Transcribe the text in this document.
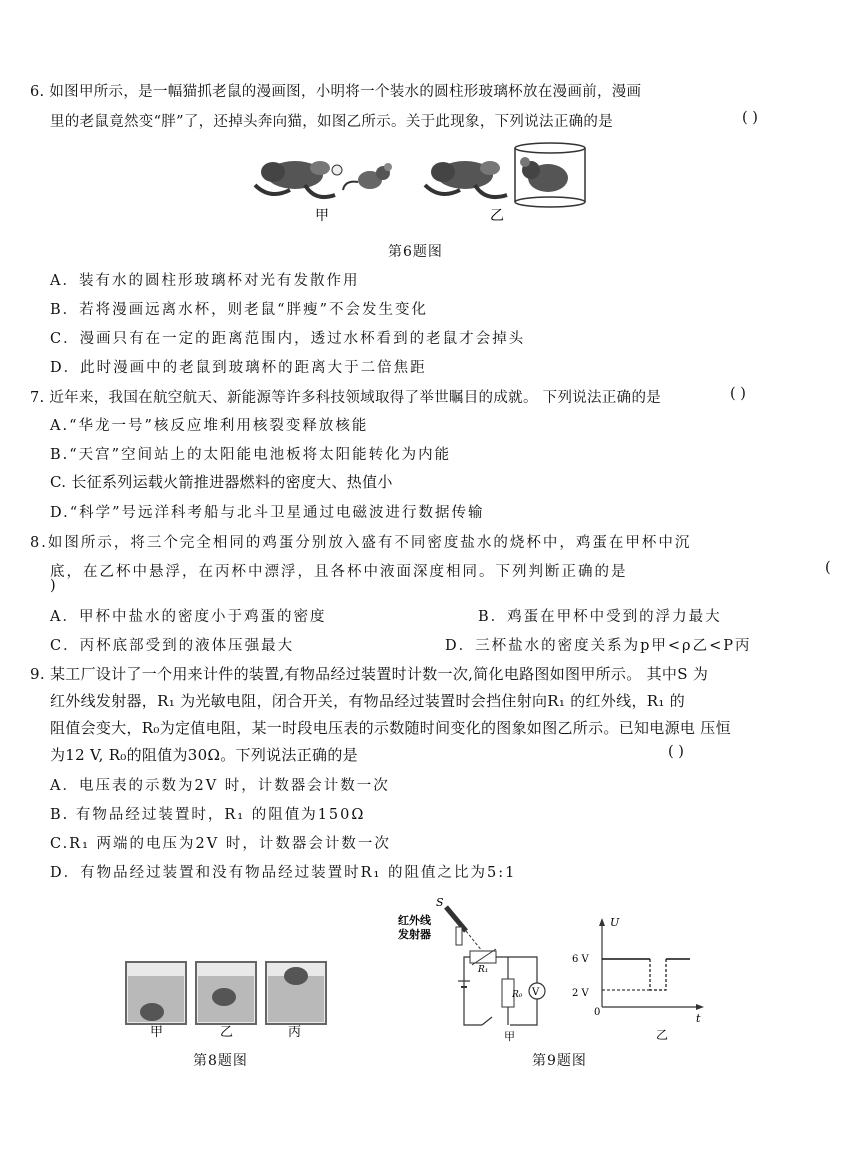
6. 如图甲所示，是一幅猫抓老鼠的漫画图，小明将一个装水的圆柱形玻璃杯放在漫画前，漫画
里的老鼠竟然变“胖”了，还掉头奔向猫，如图乙所示。关于此现象，下列说法正确的是	( )
甲	乙
第6题图
A．装有水的圆柱形玻璃杯对光有发散作用
B．若将漫画远离水杯，则老鼠“胖瘦”不会发生变化
C．漫画只有在一定的距离范围内，透过水杯看到的老鼠才会掉头
D．此时漫画中的老鼠到玻璃杯的距离大于二倍焦距
7. 近年来，我国在航空航天、新能源等许多科技领域取得了举世瞩目的成就。 下列说法正确的是	( )
A.“华龙一号”核反应堆利用核裂变释放核能
B.“天宫”空间站上的太阳能电池板将太阳能转化为内能
C. 长征系列运载火箭推进器燃料的密度大、热值小
D.“科学”号远洋科考船与北斗卫星通过电磁波进行数据传输
8.如图所示，将三个完全相同的鸡蛋分别放入盛有不同密度盐水的烧杯中，鸡蛋在甲杯中沉
底，在乙杯中悬浮，在丙杯中漂浮，且各杯中液面深度相同。下列判断正确的是	(
)
A．甲杯中盐水的密度小于鸡蛋的密度	B．鸡蛋在甲杯中受到的浮力最大
C．丙杯底部受到的液体压强最大	D．三杯盐水的密度关系为p甲<ρ乙<P丙
9. 某工厂设计了一个用来计件的装置,有物品经过装置时计数一次,简化电路图如图甲所示。 其中S 为
红外线发射器，R₁ 为光敏电阻，闭合开关，有物品经过装置时会挡住射向R₁ 的红外线，R₁ 的
阻值会变大，R₀为定值电阻，某一时段电压表的示数随时间变化的图象如图乙所示。已知电源电 压恒
为12 V, R₀的阻值为30Ω。下列说法正确的是	( )
A．电压表的示数为2V 时，计数器会计数一次
B. 有物品经过装置时，R₁ 的阻值为150Ω
C.R₁ 两端的电压为2V 时，计数器会计数一次
D．有物品经过装置和没有物品经过装置时R₁ 的阻值之比为5:1
甲	乙	丙
第8题图
红外线
发射器
S
R₁
R₀ V
甲
U
t
0
6 V
2 V
乙
第9题图
